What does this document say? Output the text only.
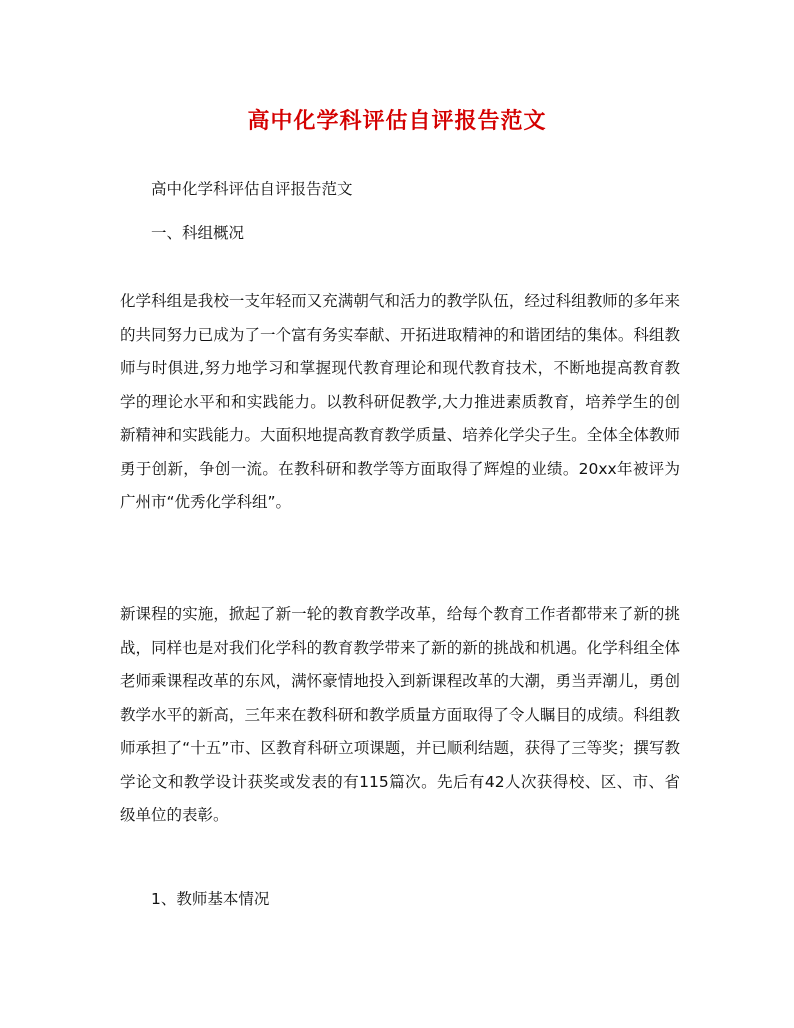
高中化学科评估自评报告范文

高中化学科评估自评报告范文

一、科组概况

化学科组是我校一支年轻而又充满朝气和活力的教学队伍，经过科组教师的多年来的共同努力已成为了一个富有务实奉献、开拓进取精神的和谐团结的集体。科组教师与时俱进,努力地学习和掌握现代教育理论和现代教育技术，不断地提高教育教学的理论水平和和实践能力。以教科研促教学,大力推进素质教育，培养学生的创新精神和实践能力。大面积地提高教育教学质量、培养化学尖子生。全体全体教师勇于创新，争创一流。在教科研和教学等方面取得了辉煌的业绩。20xx年被评为广州市“优秀化学科组”。

新课程的实施，掀起了新一轮的教育教学改革，给每个教育工作者都带来了新的挑战，同样也是对我们化学科的教育教学带来了新的新的挑战和机遇。化学科组全体老师乘课程改革的东风，满怀豪情地投入到新课程改革的大潮，勇当弄潮儿，勇创教学水平的新高，三年来在教科研和教学质量方面取得了令人瞩目的成绩。科组教师承担了“十五”市、区教育科研立项课题，并已顺利结题，获得了三等奖；撰写教学论文和教学设计获奖或发表的有115篇次。先后有42人次获得校、区、市、省级单位的表彰。

1、教师基本情况
